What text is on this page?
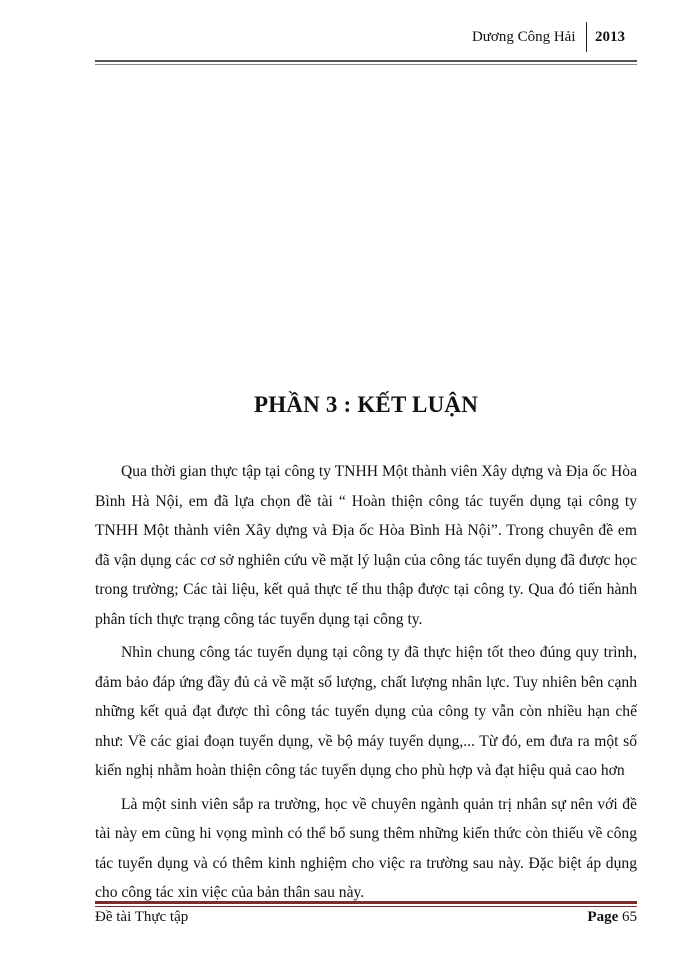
Dương Công Hải	2013
PHẦN 3 : KẾT LUẬN

Qua thời gian thực tập tại công ty TNHH Một thành viên Xây dựng và Địa ốc Hòa Bình Hà Nội, em đã lựa chọn đề tài “ Hoàn thiện công tác tuyển dụng tại công ty TNHH Một thành viên Xây dựng và Địa ốc Hòa Bình Hà Nội”. Trong chuyên đề em đã vận dụng các cơ sở nghiên cứu về mặt lý luận của công tác tuyển dụng đã được học trong trường; Các tài liệu, kết quả thực tế thu thập được tại công ty. Qua đó tiến hành phân tích thực trạng công tác tuyển dụng tại công ty.

Nhìn chung công tác tuyển dụng tại công ty đã thực hiện tốt theo đúng quy trình, đảm bảo đáp ứng đầy đủ cả về mặt số lượng, chất lượng nhân lực. Tuy nhiên bên cạnh những kết quả đạt được thì công tác tuyển dụng của công ty vẫn còn nhiều hạn chế như: Về các giai đoạn tuyển dụng, về bộ máy tuyển dụng,... Từ đó, em đưa ra một số kiến nghị nhằm hoàn thiện công tác tuyển dụng cho phù hợp và đạt hiệu quả cao hơn

Là một sinh viên sắp ra trường, học về chuyên ngành quản trị nhân sự nên với đề tài này em cũng hi vọng mình có thể bổ sung thêm những kiến thức còn thiếu về công tác tuyển dụng và có thêm kinh nghiệm cho việc ra trường sau này. Đặc biệt áp dụng cho công tác xin việc của bản thân sau này.

Đề tài Thực tập	Page 65
